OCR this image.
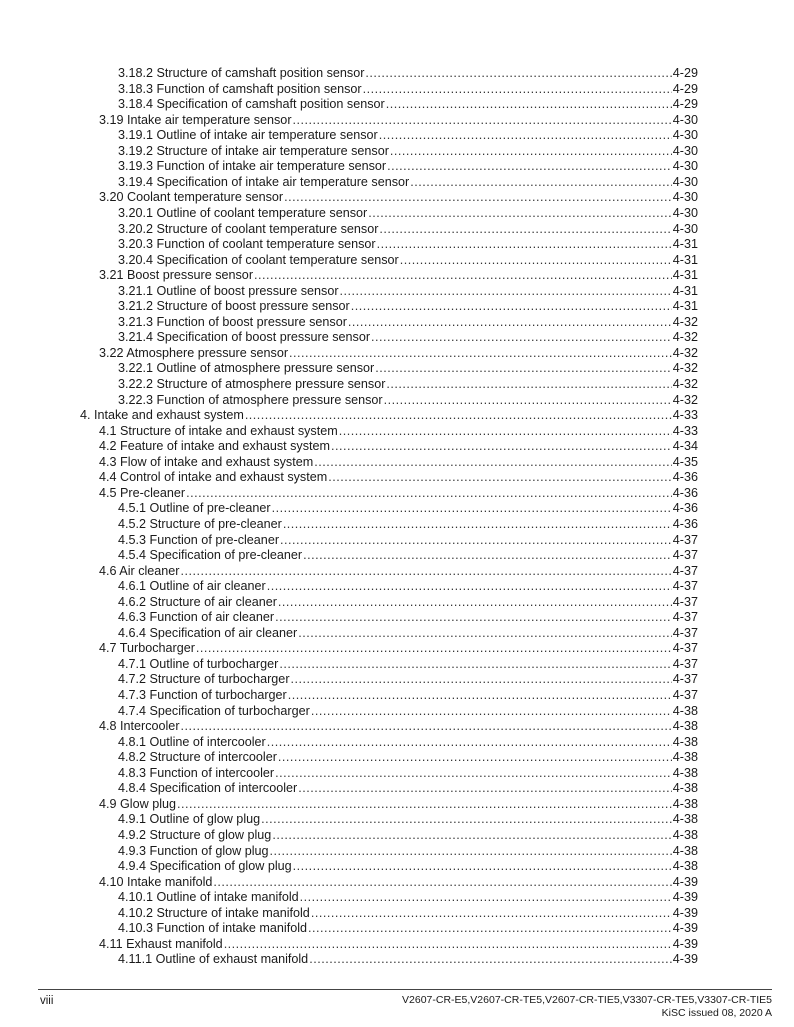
3.18.2 Structure of camshaft position sensor .....	4-29
3.18.3 Function of camshaft position sensor .....	4-29
3.18.4 Specification of camshaft position sensor .....	4-29
3.19 Intake air temperature sensor .....	4-30
3.19.1 Outline of intake air temperature sensor .....	4-30
3.19.2 Structure of intake air temperature sensor .....	4-30
3.19.3 Function of intake air temperature sensor .....	4-30
3.19.4 Specification of intake air temperature sensor .....	4-30
3.20 Coolant temperature sensor .....	4-30
3.20.1 Outline of coolant temperature sensor .....	4-30
3.20.2 Structure of coolant temperature sensor .....	4-30
3.20.3 Function of coolant temperature sensor .....	4-31
3.20.4 Specification of coolant temperature sensor .....	4-31
3.21 Boost pressure sensor .....	4-31
3.21.1 Outline of boost pressure sensor .....	4-31
3.21.2 Structure of boost pressure sensor .....	4-31
3.21.3 Function of boost pressure sensor .....	4-32
3.21.4 Specification of boost pressure sensor .....	4-32
3.22 Atmosphere pressure sensor .....	4-32
3.22.1 Outline of atmosphere pressure sensor .....	4-32
3.22.2 Structure of atmosphere pressure sensor .....	4-32
3.22.3 Function of atmosphere pressure sensor .....	4-32
4. Intake and exhaust system .....	4-33
4.1 Structure of intake and exhaust system .....	4-33
4.2 Feature of intake and exhaust system .....	4-34
4.3 Flow of intake and exhaust system .....	4-35
4.4 Control of intake and exhaust system .....	4-36
4.5 Pre-cleaner .....	4-36
4.5.1 Outline of pre-cleaner .....	4-36
4.5.2 Structure of pre-cleaner .....	4-36
4.5.3 Function of pre-cleaner .....	4-37
4.5.4 Specification of pre-cleaner .....	4-37
4.6 Air cleaner .....	4-37
4.6.1 Outline of air cleaner .....	4-37
4.6.2 Structure of air cleaner .....	4-37
4.6.3 Function of air cleaner .....	4-37
4.6.4 Specification of air cleaner .....	4-37
4.7 Turbocharger .....	4-37
4.7.1 Outline of turbocharger .....	4-37
4.7.2 Structure of turbocharger .....	4-37
4.7.3 Function of turbocharger .....	4-37
4.7.4 Specification of turbocharger .....	4-38
4.8 Intercooler .....	4-38
4.8.1 Outline of intercooler .....	4-38
4.8.2 Structure of intercooler .....	4-38
4.8.3 Function of intercooler .....	4-38
4.8.4 Specification of intercooler .....	4-38
4.9 Glow plug .....	4-38
4.9.1 Outline of glow plug .....	4-38
4.9.2 Structure of glow plug .....	4-38
4.9.3 Function of glow plug .....	4-38
4.9.4 Specification of glow plug .....	4-38
4.10 Intake manifold .....	4-39
4.10.1 Outline of intake manifold .....	4-39
4.10.2 Structure of intake manifold .....	4-39
4.10.3 Function of intake manifold .....	4-39
4.11 Exhaust manifold .....	4-39
4.11.1 Outline of exhaust manifold .....	4-39
viii	V2607-CR-E5,V2607-CR-TE5,V2607-CR-TIE5,V3307-CR-TE5,V3307-CR-TIE5
KiSC issued 08, 2020 A
